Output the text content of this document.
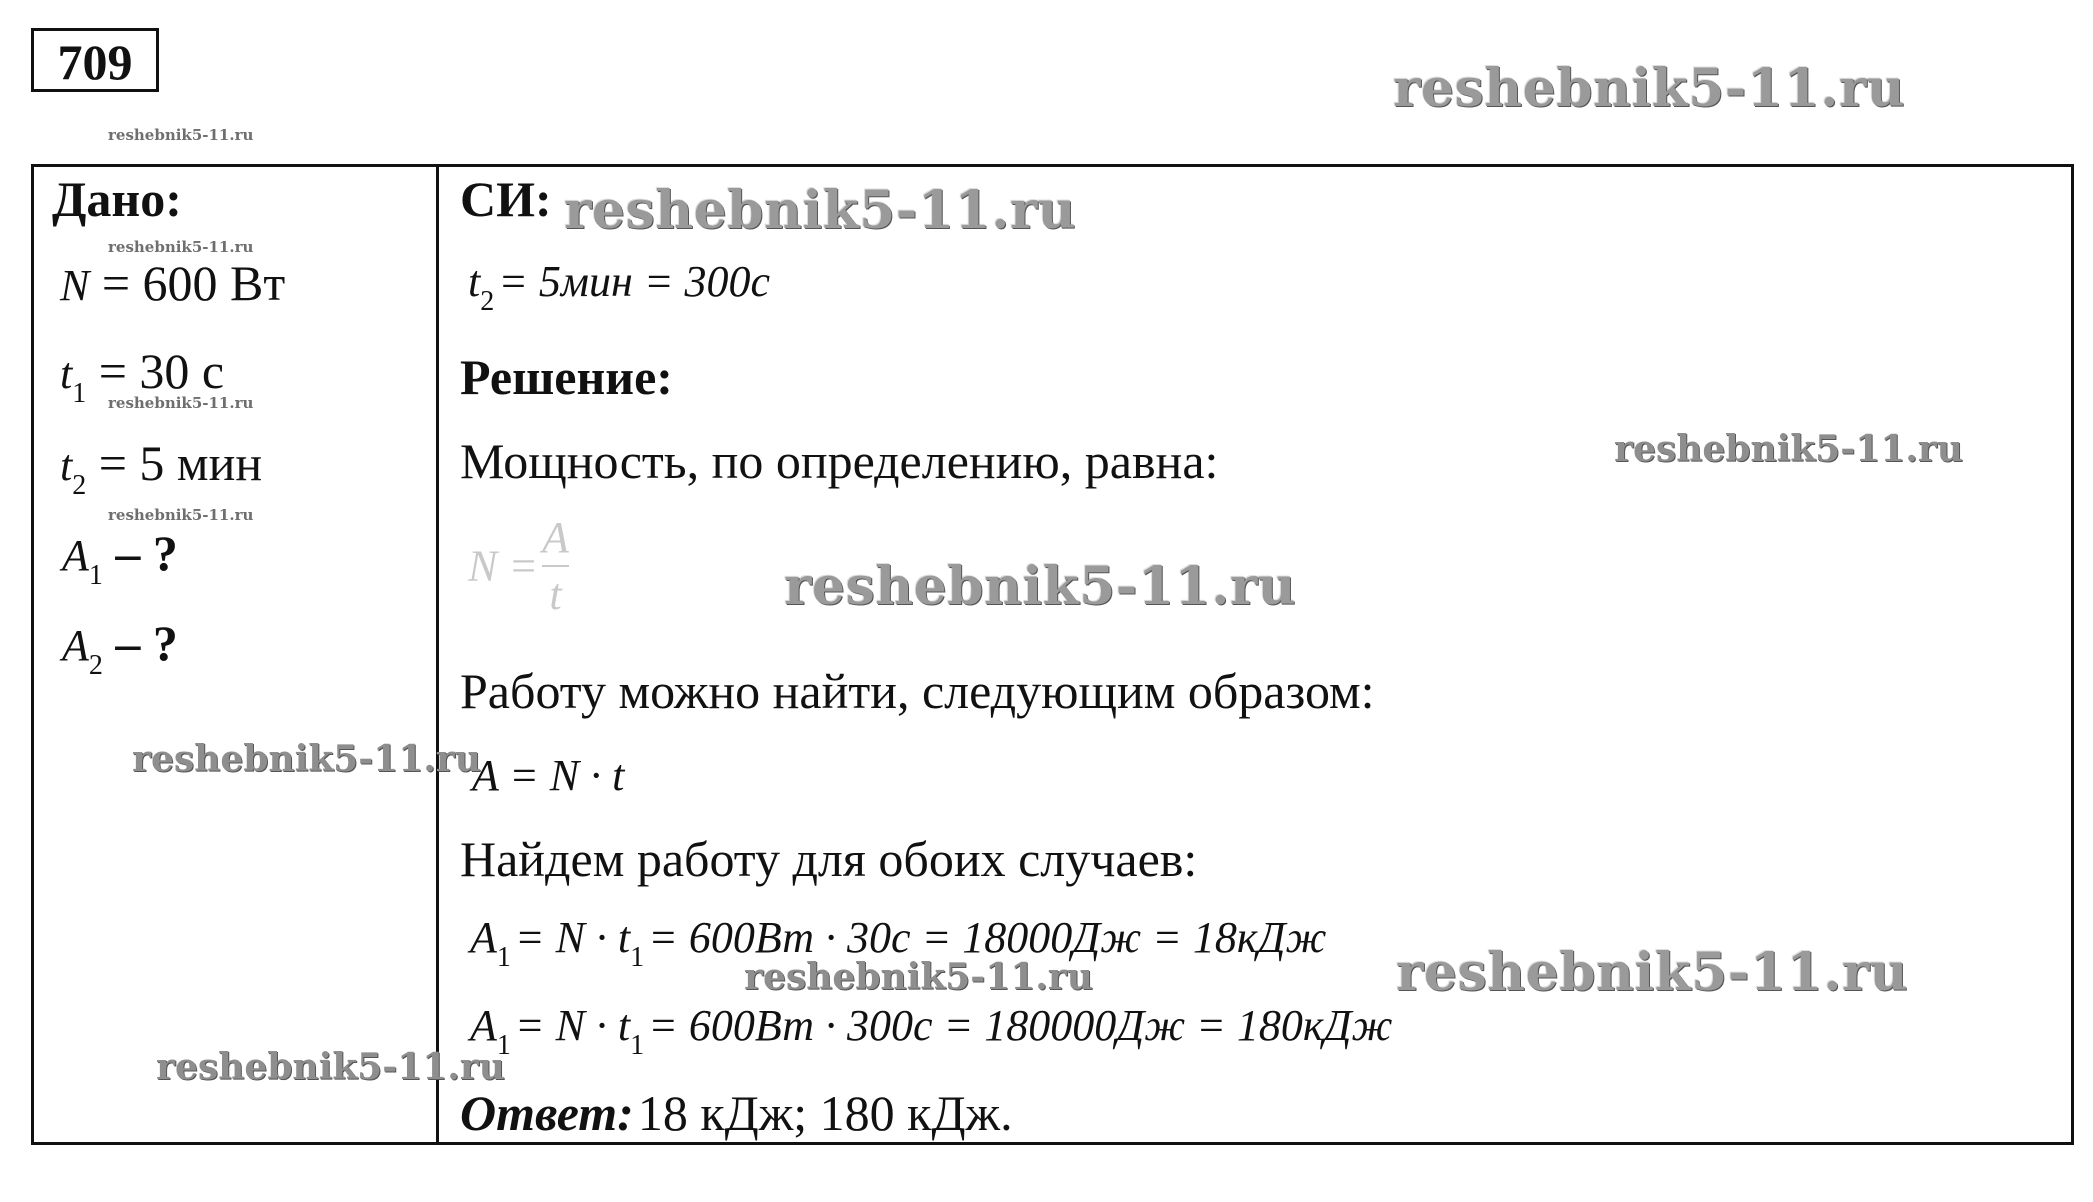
709	reshebnik5-11.ru
reshebnik5-11.ru
Дано:
reshebnik5-11.ru
N = 600 Вт
$t_1 = 30$ с
reshebnik5-11.ru
$t_2 = 5$ мин
reshebnik5-11.ru
$A_1$ – ?
$A_2$ – ?
reshebnik5-11.ru
reshebnik5-11.ru
СИ: reshebnik5-11.ru
t2 = 5мин = 300с
Решение:
Мощность, по определению, равна:	reshebnik5-11.ru
$N = \frac{A}{t}$	reshebnik5-11.ru
Работу можно найти, следующим образом:
A = N · t
Найдем работу для обоих случаев:
A1 = N · t1 = 600Вт · 30с = 18000Дж = 18кДж
reshebnik5-11.ru	reshebnik5-11.ru
A1 = N · t1 = 600Вт · 300с = 180000Дж = 180кДж
Ответ: 18 кДж; 180 кДж.
